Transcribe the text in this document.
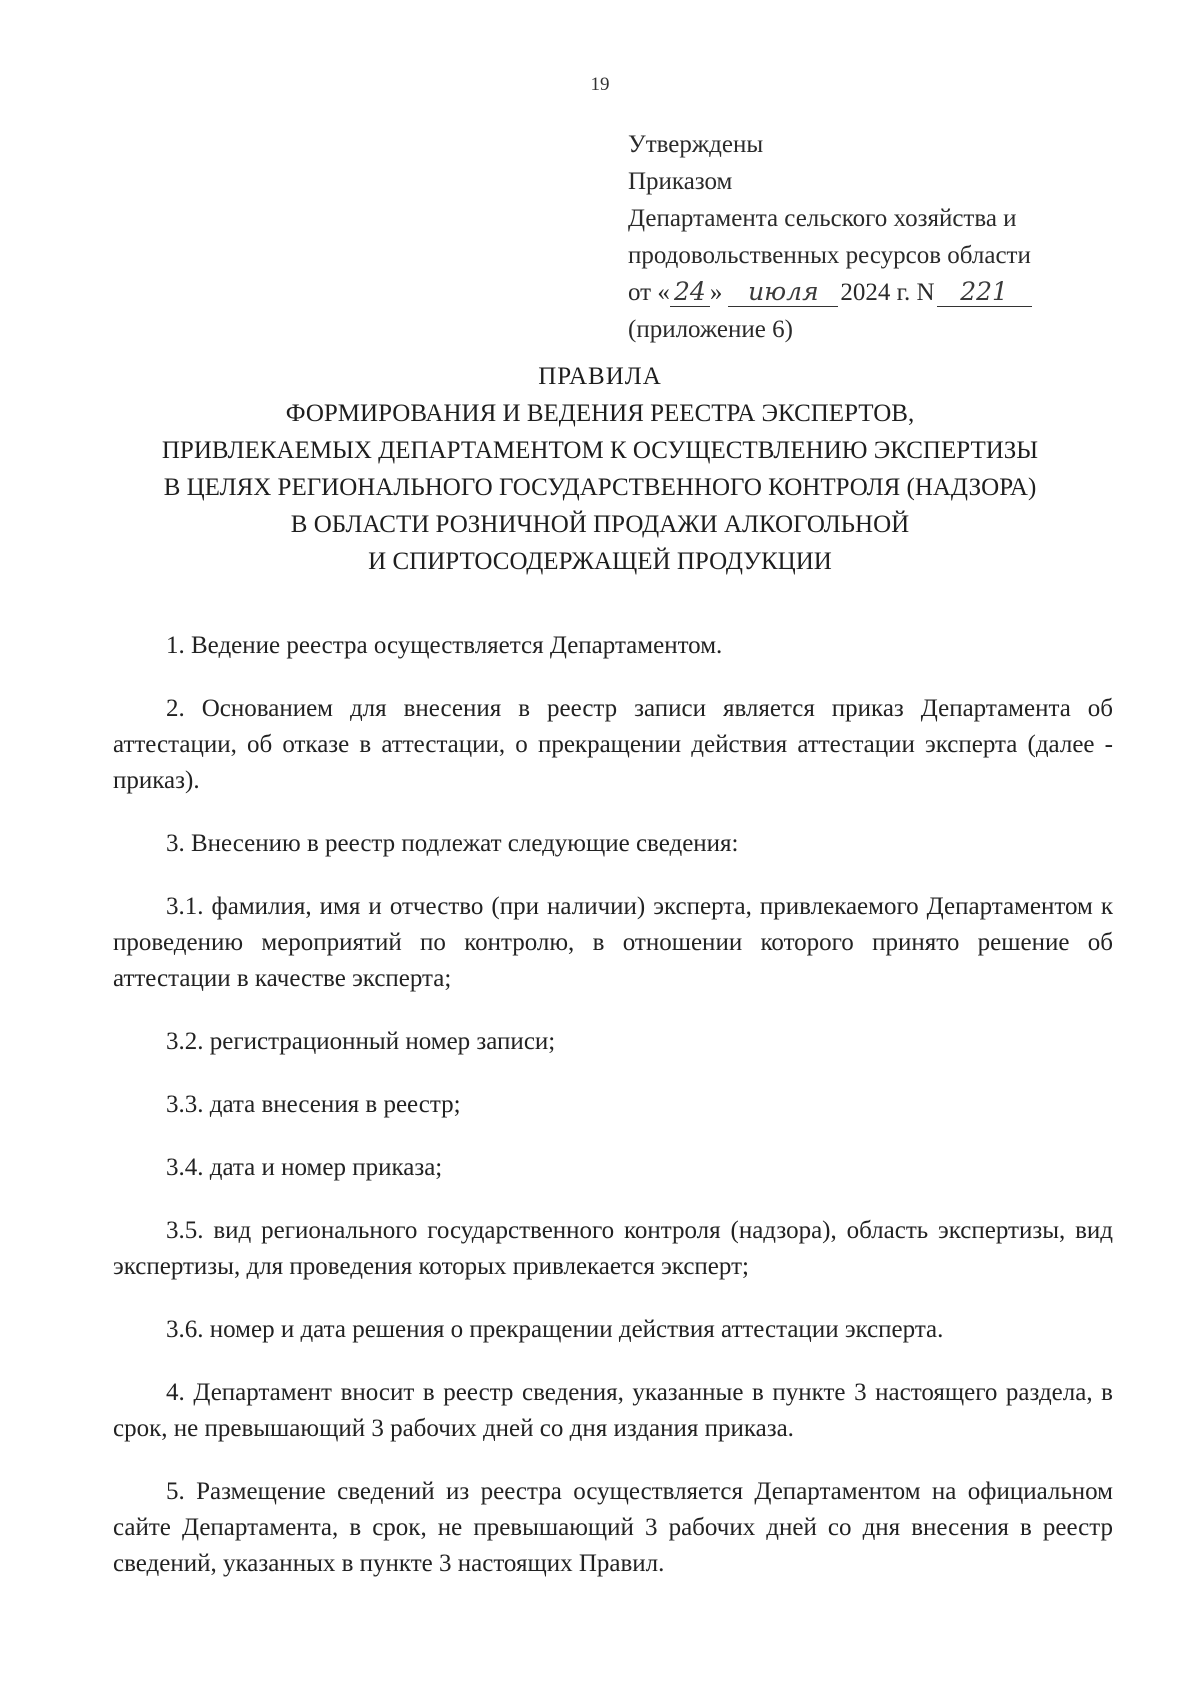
19
Утверждены
Приказом
Департамента сельского хозяйства и
продовольственных ресурсов области
от « 24 » июля 2024 г. N 221
(приложение 6)
ПРАВИЛА
ФОРМИРОВАНИЯ И ВЕДЕНИЯ РЕЕСТРА ЭКСПЕРТОВ,
ПРИВЛЕКАЕМЫХ ДЕПАРТАМЕНТОМ К ОСУЩЕСТВЛЕНИЮ ЭКСПЕРТИЗЫ
В ЦЕЛЯХ РЕГИОНАЛЬНОГО ГОСУДАРСТВЕННОГО КОНТРОЛЯ (НАДЗОРА)
В ОБЛАСТИ РОЗНИЧНОЙ ПРОДАЖИ АЛКОГОЛЬНОЙ
И СПИРТОСОДЕРЖАЩЕЙ ПРОДУКЦИИ

1. Ведение реестра осуществляется Департаментом.

2. Основанием для внесения в реестр записи является приказ Департамента об аттестации, об отказе в аттестации, о прекращении действия аттестации эксперта (далее - приказ).

3. Внесению в реестр подлежат следующие сведения:

3.1. фамилия, имя и отчество (при наличии) эксперта, привлекаемого Департаментом к проведению мероприятий по контролю, в отношении которого принято решение об аттестации в качестве эксперта;

3.2. регистрационный номер записи;

3.3. дата внесения в реестр;

3.4. дата и номер приказа;

3.5. вид регионального государственного контроля (надзора), область экспертизы, вид экспертизы, для проведения которых привлекается эксперт;

3.6. номер и дата решения о прекращении действия аттестации эксперта.

4. Департамент вносит в реестр сведения, указанные в пункте 3 настоящего раздела, в срок, не превышающий 3 рабочих дней со дня издания приказа.

5. Размещение сведений из реестра осуществляется Департаментом на официальном сайте Департамента, в срок, не превышающий 3 рабочих дней со дня внесения в реестр сведений, указанных в пункте 3 настоящих Правил.
